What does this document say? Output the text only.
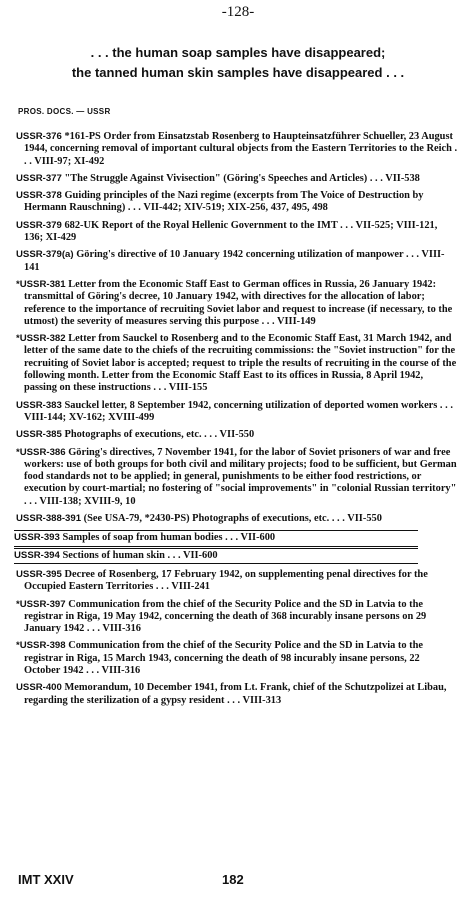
-128-
. . . the human soap samples have disappeared;
the tanned human skin samples have disappeared . . .
PROS. DOCS. — USSR
USSR-376 *161-PS Order from Einsatzstab Rosenberg to Haupteinsatzführer Schueller, 23 August 1944, concerning removal of important cultural objects from the Eastern Territories to the Reich . . . VIII-97; XI-492
USSR-377 "The Struggle Against Vivisection" (Göring's Speeches and Articles) . . . VII-538
USSR-378 Guiding principles of the Nazi regime (excerpts from The Voice of Destruction by Hermann Rauschning) . . . VII-442; XIV-519; XIX-256, 437, 495, 498
USSR-379 682-UK Report of the Royal Hellenic Government to the IMT . . . VII-525; VIII-121, 136; XI-429
USSR-379(a) Göring's directive of 10 January 1942 concerning utilization of manpower . . . VIII-141
*USSR-381 Letter from the Economic Staff East to German offices in Russia, 26 January 1942: transmittal of Göring's decree, 10 January 1942, with directives for the allocation of labor; reference to the importance of recruiting Soviet labor and request to increase (if necessary, to the utmost) the severity of measures serving this purpose . . . VIII-149
*USSR-382 Letter from Sauckel to Rosenberg and to the Economic Staff East, 31 March 1942, and letter of the same date to the chiefs of the recruiting commissions: the "Soviet instruction" for the recruiting of Soviet labor is accepted; request to triple the results of recruiting in the course of the following month. Letter from the Economic Staff East to its offices in Russia, 8 April 1942, passing on these instructions . . . VIII-155
USSR-383 Sauckel letter, 8 September 1942, concerning utilization of deported women workers . . . VIII-144; XV-162; XVIII-499
USSR-385 Photographs of executions, etc. . . . VII-550
*USSR-386 Göring's directives, 7 November 1941, for the labor of Soviet prisoners of war and free workers: use of both groups for both civil and military projects; food to be sufficient, but German food standards not to be applied; in general, punishments to be either food restrictions, or execution by court-martial; no fostering of "social improvements" in "colonial Russian territory" . . . VIII-138; XVIII-9, 10
USSR-388-391 (See USA-79, *2430-PS) Photographs of executions, etc. . . . VII-550
USSR-393 Samples of soap from human bodies . . . VII-600
USSR-394 Sections of human skin . . . VII-600
USSR-395 Decree of Rosenberg, 17 February 1942, on supplementing penal directives for the Occupied Eastern Territories . . . VIII-241
*USSR-397 Communication from the chief of the Security Police and the SD in Latvia to the registrar in Riga, 19 May 1942, concerning the death of 368 incurably insane persons on 29 January 1942 . . . VIII-316
*USSR-398 Communication from the chief of the Security Police and the SD in Latvia to the registrar in Riga, 15 March 1943, concerning the death of 98 incurably insane persons, 22 October 1942 . . . VIII-316
USSR-400 Memorandum, 10 December 1941, from Lt. Frank, chief of the Schutzpolizei at Libau, regarding the sterilization of a gypsy resident . . . VIII-313
IMT XXIV	182
